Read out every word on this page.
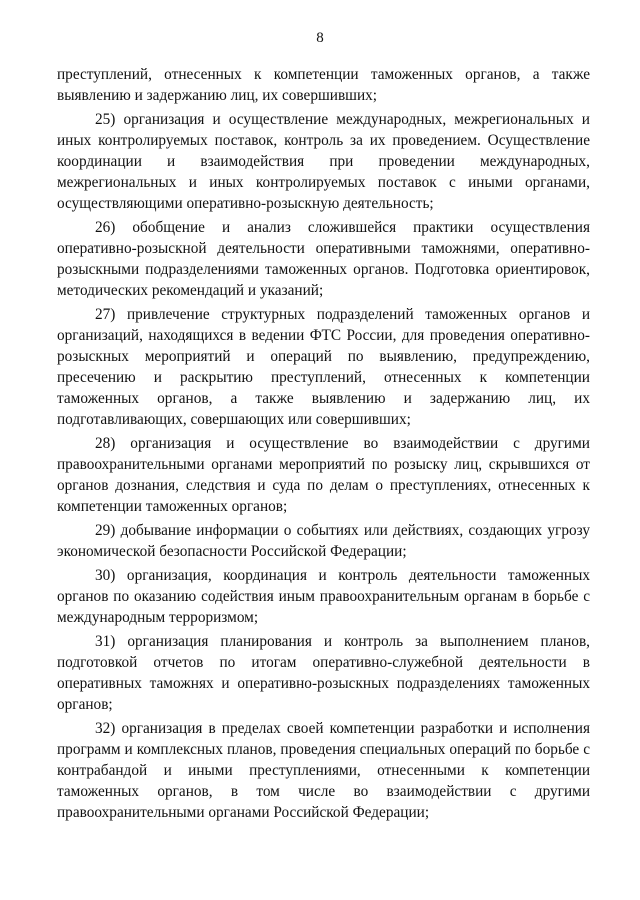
8

преступлений, отнесенных к компетенции таможенных органов, а также выявлению и задержанию лиц, их совершивших;

25) организация и осуществление международных, межрегиональных и иных контролируемых поставок, контроль за их проведением. Осуществление координации и взаимодействия при проведении международных, межрегиональных и иных контролируемых поставок с иными органами, осуществляющими оперативно-розыскную деятельность;

26) обобщение и анализ сложившейся практики осуществления оперативно-розыскной деятельности оперативными таможнями, оперативно-розыскными подразделениями таможенных органов. Подготовка ориентировок, методических рекомендаций и указаний;

27) привлечение структурных подразделений таможенных органов и организаций, находящихся в ведении ФТС России, для проведения оперативно-розыскных мероприятий и операций по выявлению, предупреждению, пресечению и раскрытию преступлений, отнесенных к компетенции таможенных органов, а также выявлению и задержанию лиц, их подготавливающих, совершающих или совершивших;

28) организация и осуществление во взаимодействии с другими правоохранительными органами мероприятий по розыску лиц, скрывшихся от органов дознания, следствия и суда по делам о преступлениях, отнесенных к компетенции таможенных органов;

29) добывание информации о событиях или действиях, создающих угрозу экономической безопасности Российской Федерации;

30) организация, координация и контроль деятельности таможенных органов по оказанию содействия иным правоохранительным органам в борьбе с международным терроризмом;

31) организация планирования и контроль за выполнением планов, подготовкой отчетов по итогам оперативно-служебной деятельности в оперативных таможнях и оперативно-розыскных подразделениях таможенных органов;

32) организация в пределах своей компетенции разработки и исполнения программ и комплексных планов, проведения специальных операций по борьбе с контрабандой и иными преступлениями, отнесенными к компетенции таможенных органов, в том числе во взаимодействии с другими правоохранительными органами Российской Федерации;
